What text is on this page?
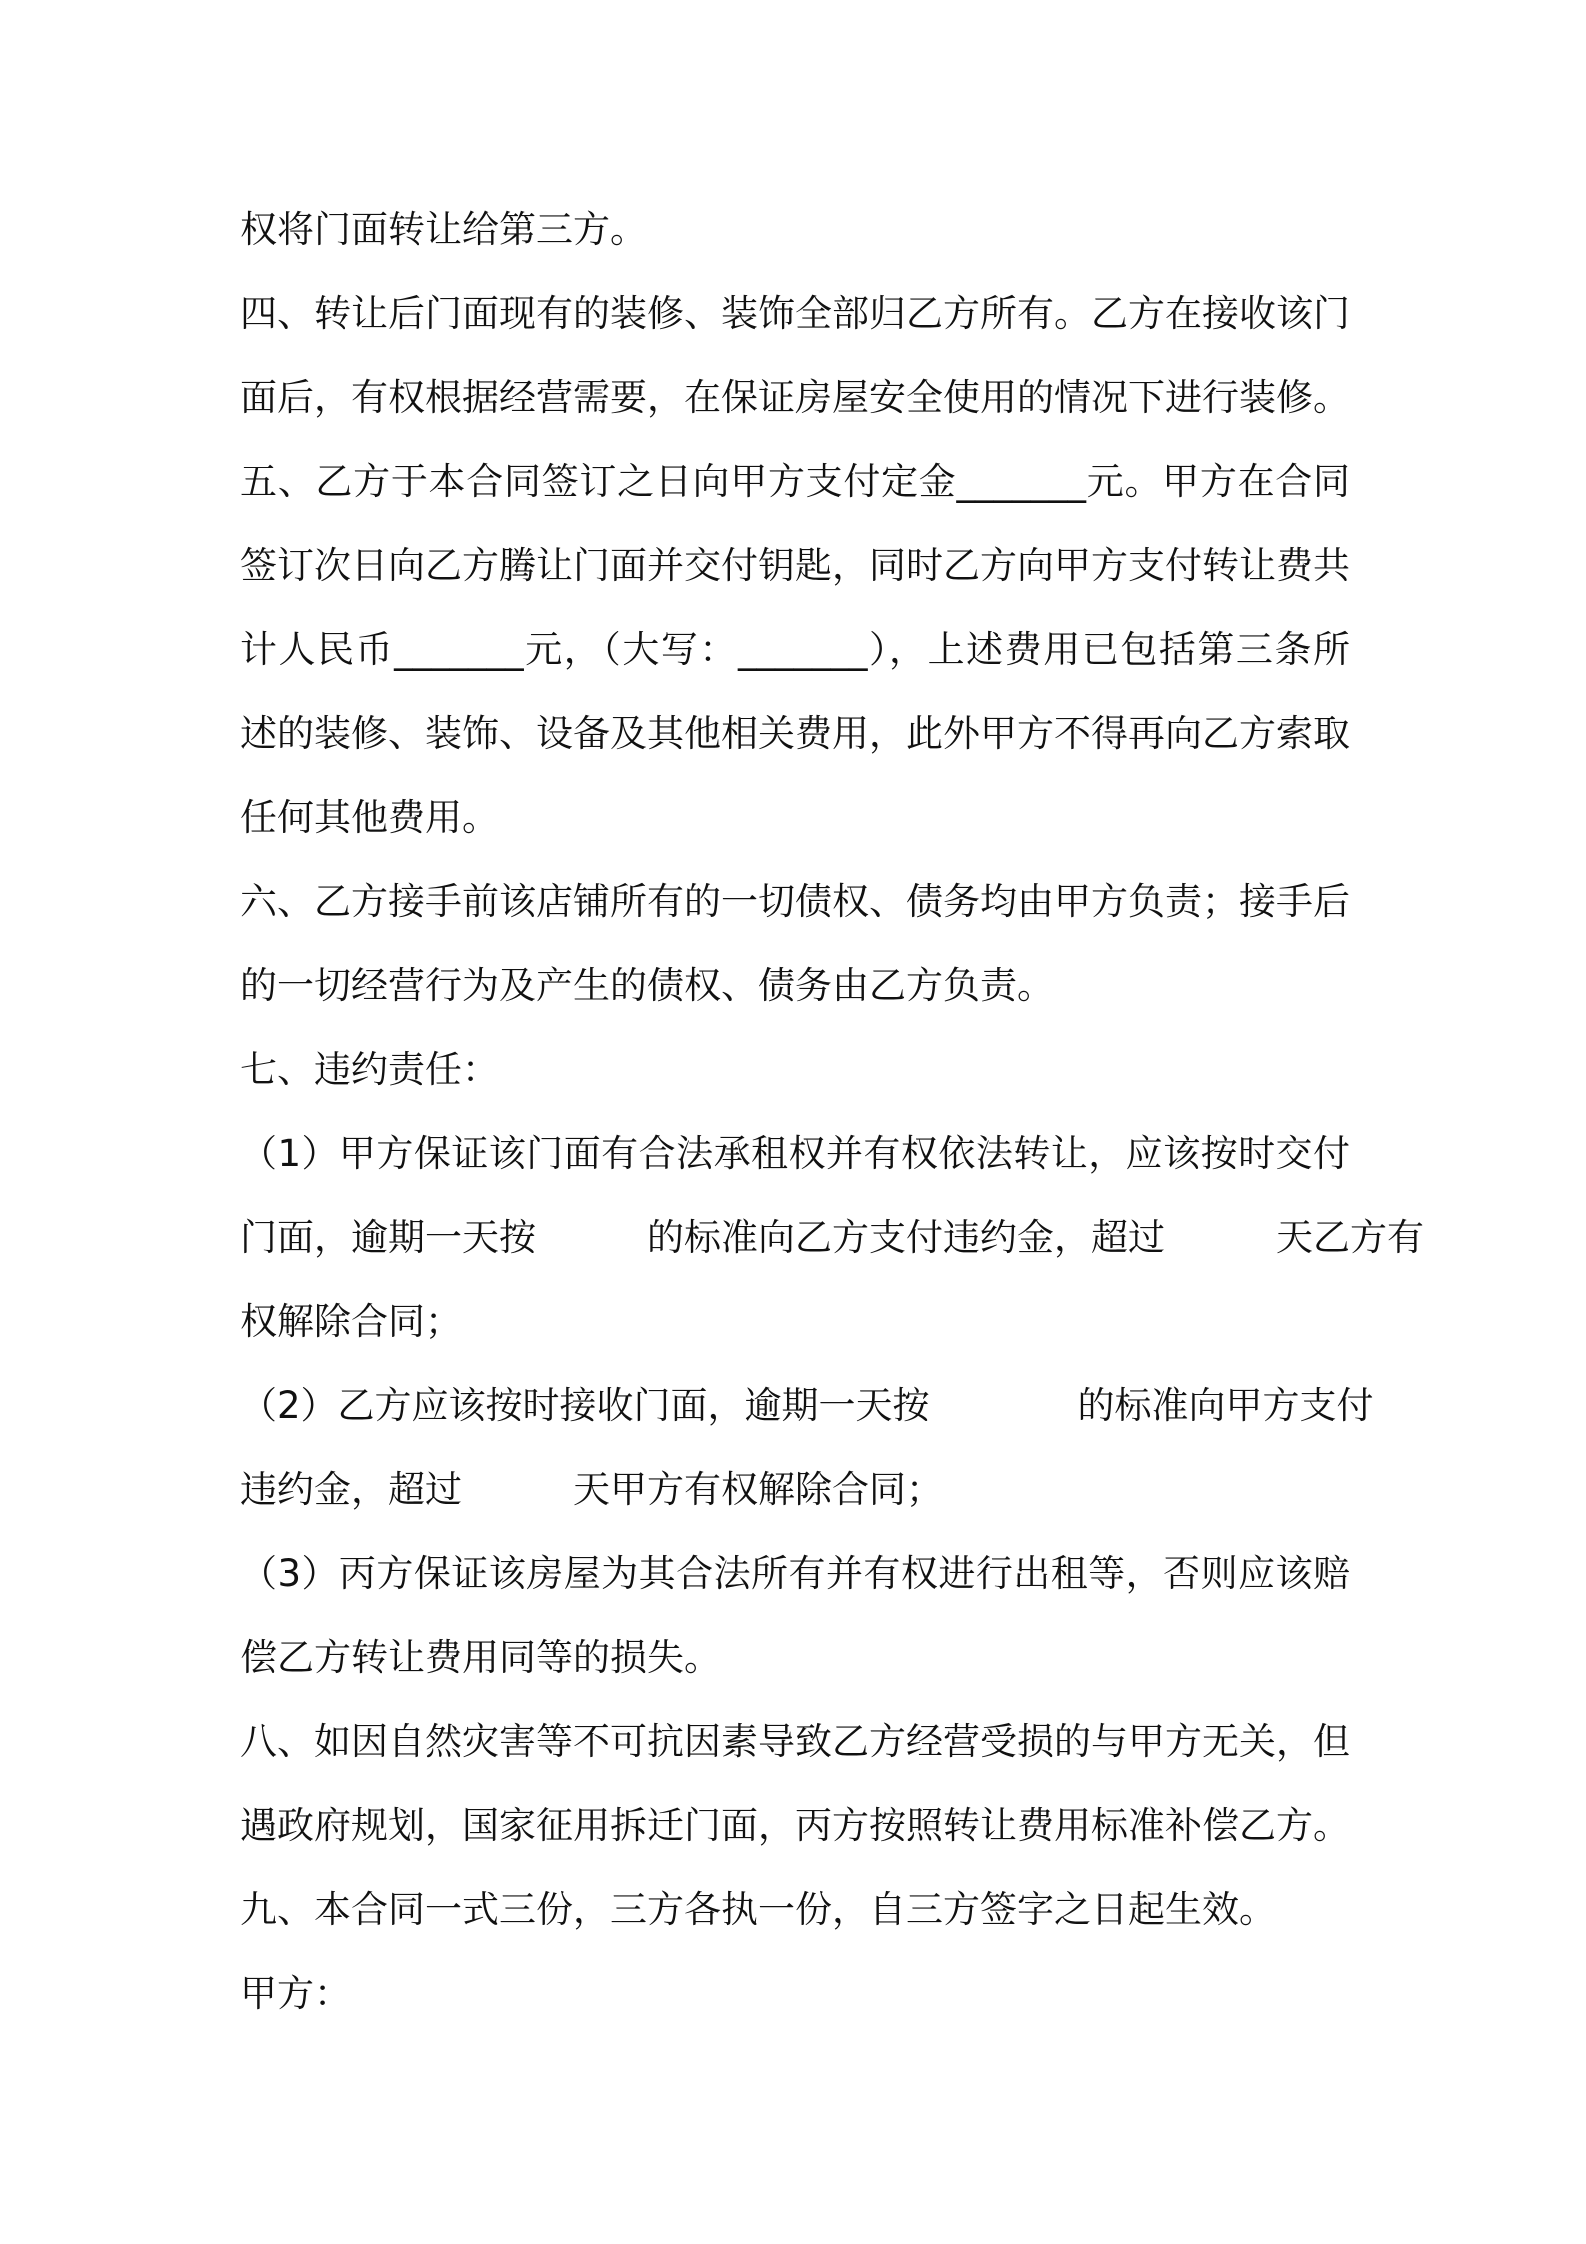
权将门面转让给第三方。
四、转让后门面现有的装修、装饰全部归乙方所有。乙方在接收该门
面后，有权根据经营需要，在保证房屋安全使用的情况下进行装修。
五、乙方于本合同签订之日向甲方支付定金_______元。甲方在合同
签订次日向乙方腾让门面并交付钥匙，同时乙方向甲方支付转让费共
计人民币_______元，（大写：_______），上述费用已包括第三条所
述的装修、装饰、设备及其他相关费用，此外甲方不得再向乙方索取
任何其他费用。
六、乙方接手前该店铺所有的一切债权、债务均由甲方负责；接手后
的一切经营行为及产生的债权、债务由乙方负责。
七、违约责任：
（1）甲方保证该门面有合法承租权并有权依法转让，应该按时交付
门面，逾期一天按　　　的标准向乙方支付违约金，超过　　　天乙方有
权解除合同；
（2）乙方应该按时接收门面，逾期一天按　　　　的标准向甲方支付
违约金，超过　　　天甲方有权解除合同；
（3）丙方保证该房屋为其合法所有并有权进行出租等，否则应该赔
偿乙方转让费用同等的损失。
八、如因自然灾害等不可抗因素导致乙方经营受损的与甲方无关，但
遇政府规划，国家征用拆迁门面，丙方按照转让费用标准补偿乙方。
九、本合同一式三份，三方各执一份，自三方签字之日起生效。
甲方：
